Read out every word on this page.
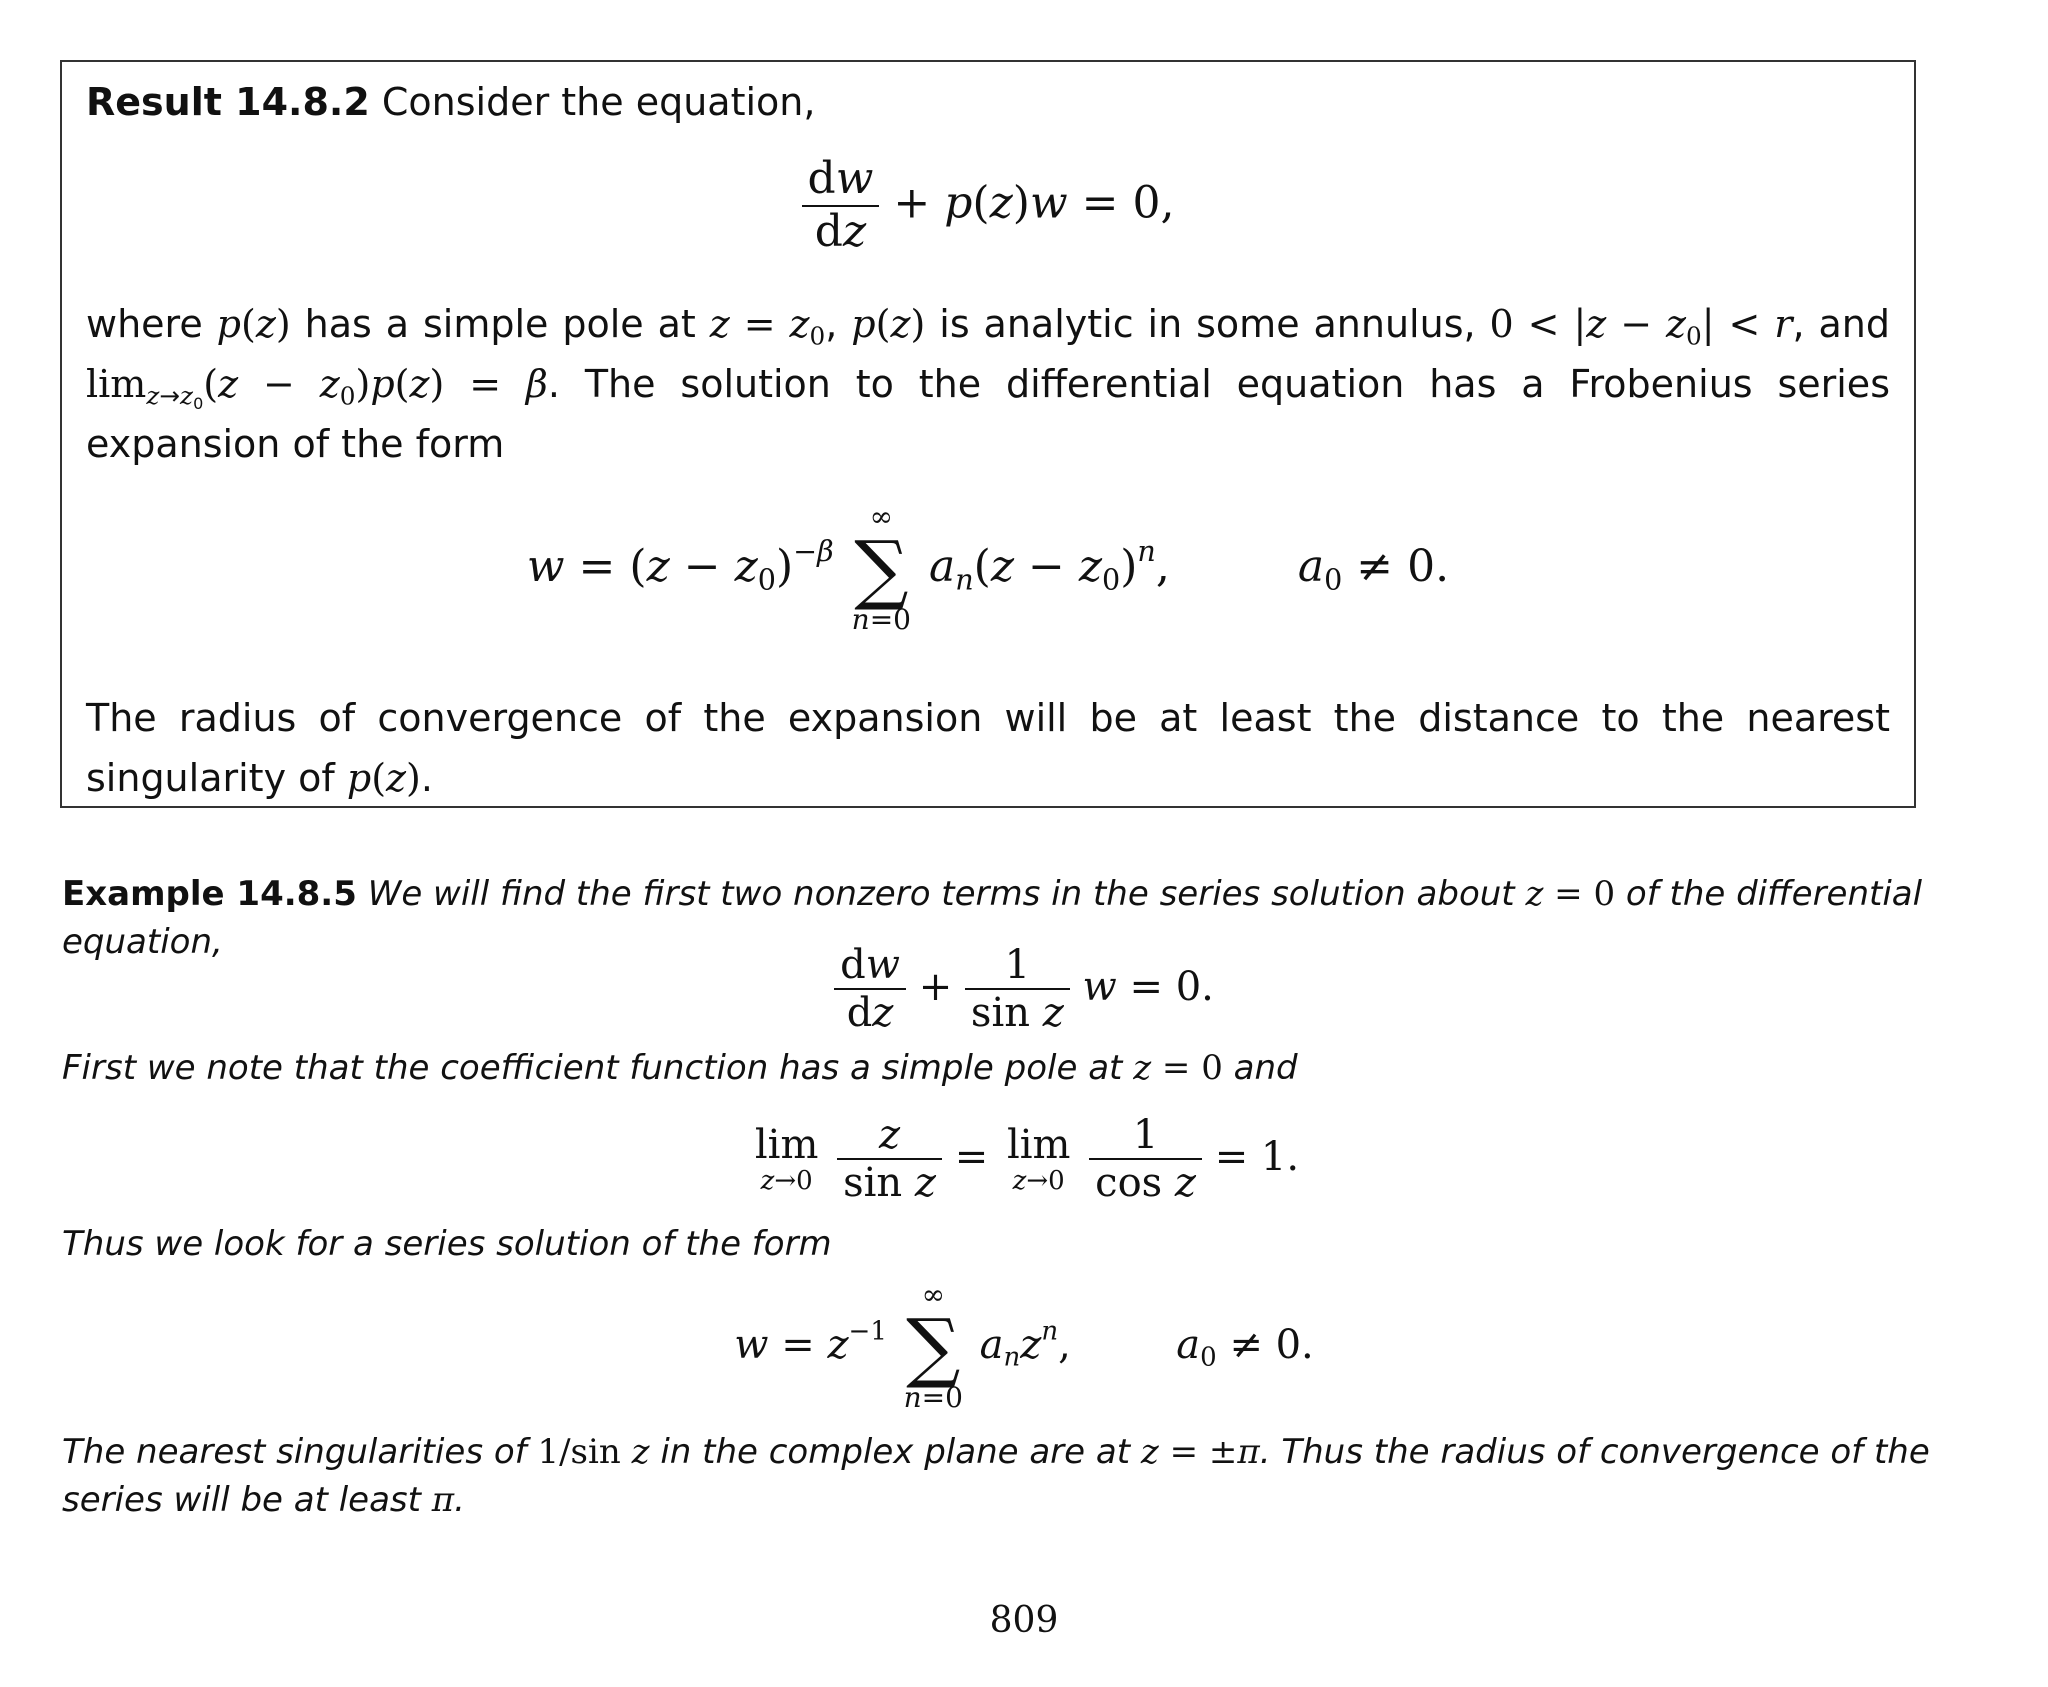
Result 14.8.2 Consider the equation,
$\frac{dw}{dz} + p(z)w = 0$,
where p(z) has a simple pole at $z = z_0$, p(z) is analytic in some annulus, $0 < |z - z_0| < r$, and $\lim_{z\to z_0}(z - z_0)p(z) = \beta$. The solution to the differential equation has a Frobenius series expansion of the form
$w = (z - z_0)^{-\beta}$
∞
∑
n=0
$a_n(z - z_0)^n$,	$a_0 \ne 0$.
The radius of convergence of the expansion will be at least the distance to the nearest singularity of p(z).
Example 14.8.5 We will find the first two nonzero terms in the series solution about z = 0 of the differential equation,	$\frac{dw}{dz} + \frac{1}{\text{sin z}}$ w = 0.
First we note that the coefficient function has a simple pole at z = 0 and
lim
z→0
$\frac{z}{\text{sin z}} = \lim$
z→0
$\frac{1}{\text{cos z}} = 1$.
Thus we look for a series solution of the form
$w = z^{-1}$
∞
∑
n=0
$a_nz^n$,	$a_0 \ne 0$.
The nearest singularities of 1/sin z in the complex plane are at z = ±π. Thus the radius of convergence of the series will be at least π.
809
